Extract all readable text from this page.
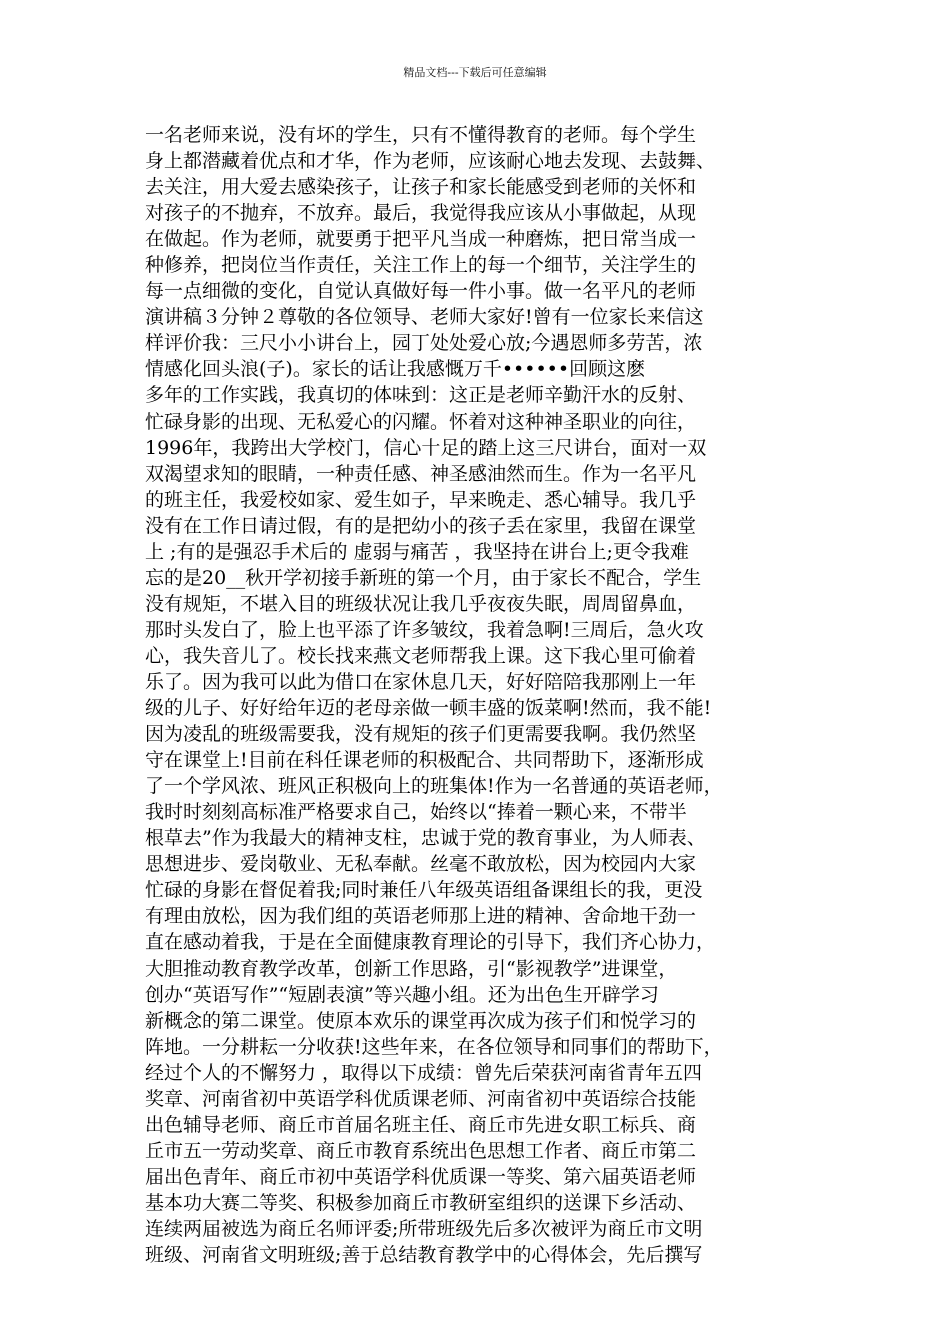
精品文档---下载后可任意编辑
一名老师来说，没有坏的学生，只有不懂得教育的老师。每个学生
身上都潜藏着优点和才华，作为老师，应该耐心地去发现、去鼓舞、
去关注，用大爱去感染孩子，让孩子和家长能感受到老师的关怀和
对孩子的不抛弃，不放弃。最后，我觉得我应该从小事做起，从现
在做起。作为老师，就要勇于把平凡当成一种磨炼，把日常当成一
种修养，把岗位当作责任，关注工作上的每一个细节，关注学生的
每一点细微的变化，自觉认真做好每一件小事。做一名平凡的老师
演讲稿３分钟２尊敬的各位领导、老师大家好!曾有一位家长来信这
样评价我：三尺小小讲台上，园丁处处爱心放;今遇恩师多劳苦，浓
情感化回头浪(子)。家长的话让我感慨万千••••••回顾这麽
多年的工作实践，我真切的体味到：这正是老师辛勤汗水的反射、
忙碌身影的出现、无私爱心的闪耀。怀着对这种神圣职业的向往，
1996年，我跨出大学校门，信心十足的踏上这三尺讲台，面对一双
双渴望求知的眼睛，一种责任感、神圣感油然而生。作为一名平凡
的班主任，我爱校如家、爱生如子，早来晚走、悉心辅导。我几乎
没有在工作日请过假，有的是把幼小的孩子丢在家里，我留在课堂
上 ;有的是强忍手术后的 虚弱与痛苦 ，我坚持在讲台上;更令我难
忘的是20__秋开学初接手新班的第一个月，由于家长不配合，学生
没有规矩，不堪入目的班级状况让我几乎夜夜失眠，周周留鼻血，
那时头发白了，脸上也平添了许多皱纹，我着急啊!三周后，急火攻
心，我失音儿了。校长找来燕文老师帮我上课。这下我心里可偷着
乐了。因为我可以此为借口在家休息几天，好好陪陪我那刚上一年
级的儿子、好好给年迈的老母亲做一顿丰盛的饭菜啊!然而，我不能!
因为凌乱的班级需要我，没有规矩的孩子们更需要我啊。我仍然坚
守在课堂上!目前在科任课老师的积极配合、共同帮助下，逐渐形成
了一个学风浓、班风正积极向上的班集体!作为一名普通的英语老师，
我时时刻刻高标准严格要求自己，始终以“捧着一颗心来，不带半
根草去”作为我最大的精神支柱，忠诚于党的教育事业，为人师表、
思想进步、爱岗敬业、无私奉献。丝毫不敢放松，因为校园内大家
忙碌的身影在督促着我;同时兼任八年级英语组备课组长的我，更没
有理由放松，因为我们组的英语老师那上进的精神、舍命地干劲一
直在感动着我，于是在全面健康教育理论的引导下，我们齐心协力，
大胆推动教育教学改革，创新工作思路，引“影视教学”进课堂，
创办“英语写作”“短剧表演”等兴趣小组。还为出色生开辟学习
新概念的第二课堂。使原本欢乐的课堂再次成为孩子们和悦学习的
阵地。一分耕耘一分收获!这些年来，在各位领导和同事们的帮助下，
经过个人的不懈努力 ，取得以下成绩：曾先后荣获河南省青年五四
奖章、河南省初中英语学科优质课老师、河南省初中英语综合技能
出色辅导老师、商丘市首届名班主任、商丘市先进女职工标兵、商
丘市五一劳动奖章、商丘市教育系统出色思想工作者、商丘市第二
届出色青年、商丘市初中英语学科优质课一等奖、第六届英语老师
基本功大赛二等奖、积极参加商丘市教研室组织的送课下乡活动、
连续两届被选为商丘名师评委;所带班级先后多次被评为商丘市文明
班级、河南省文明班级;善于总结教育教学中的心得体会，先后撰写
